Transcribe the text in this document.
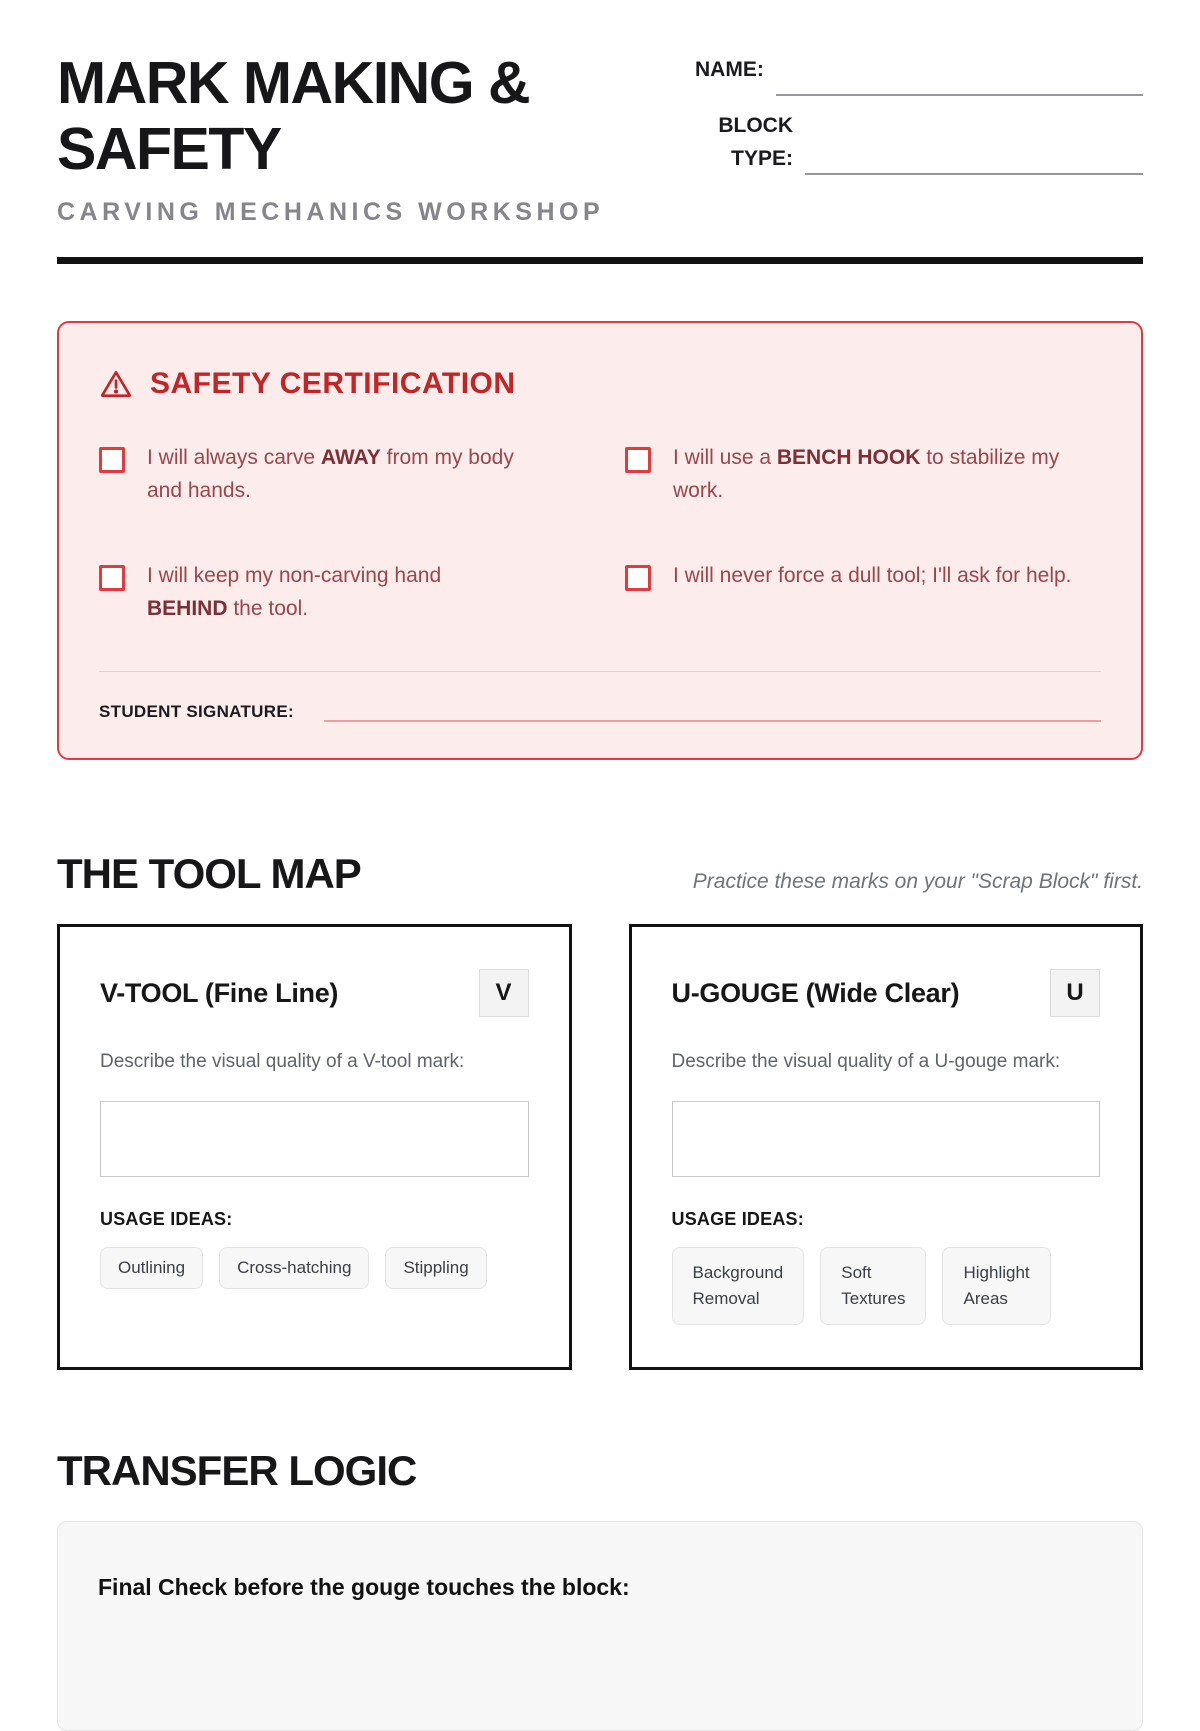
MARK MAKING & SAFETY
CARVING MECHANICS WORKSHOP
NAME:
BLOCK TYPE:
SAFETY CERTIFICATION

I will always carve AWAY from my body and hands.

I will use a BENCH HOOK to stabilize my work.

I will keep my non-carving hand BEHIND the tool.

I will never force a dull tool; I'll ask for help.

STUDENT SIGNATURE:
THE TOOL MAP	Practice these marks on your "Scrap Block" first.
V-TOOL (Fine Line)	V

Describe the visual quality of a V-tool mark:

USAGE IDEAS:
Outlining	Cross-hatching	Stippling
U-GOUGE (Wide Clear)	U

Describe the visual quality of a U-gouge mark:

USAGE IDEAS:
Background Removal
Soft Textures
Highlight Areas
TRANSFER LOGIC
Final Check before the gouge touches the block:
